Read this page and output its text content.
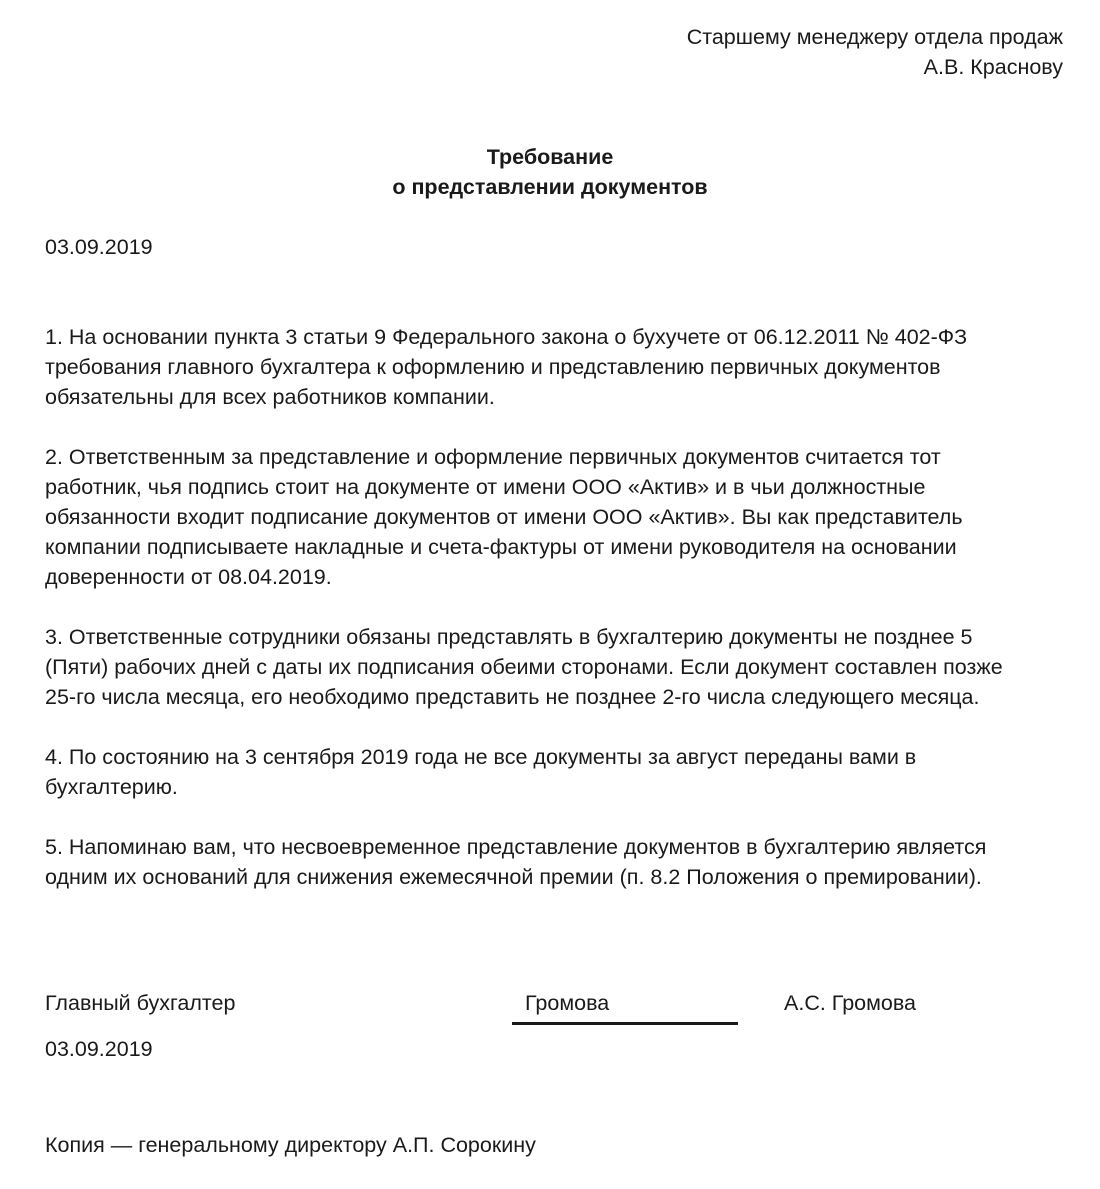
Старшему менеджеру отдела продаж
А.В. Краснову
Требование
о представлении документов
03.09.2019

1. На основании пункта 3 статьи 9 Федерального закона о бухучете от 06.12.2011 № 402-ФЗ
требования главного бухгалтера к оформлению и представлению первичных документов
обязательны для всех работников компании.

2. Ответственным за представление и оформление первичных документов считается тот
работник, чья подпись стоит на документе от имени ООО «Актив» и в чьи должностные
обязанности входит подписание документов от имени ООО «Актив». Вы как представитель
компании подписываете накладные и счета-фактуры от имени руководителя на основании
доверенности от 08.04.2019.

3. Ответственные сотрудники обязаны представлять в бухгалтерию документы не позднее 5
(Пяти) рабочих дней с даты их подписания обеими сторонами. Если документ составлен позже
25-го числа месяца, его необходимо представить не позднее 2-го числа следующего месяца.

4. По состоянию на 3 сентября 2019 года не все документы за август переданы вами в
бухгалтерию.

5. Напоминаю вам, что несвоевременное представление документов в бухгалтерию является
одним их оснований для снижения ежемесячной премии (п. 8.2 Положения о премировании).

Главный бухгалтер	Громова	А.С. Громова
03.09.2019
Копия — генеральному директору А.П. Сорокину
